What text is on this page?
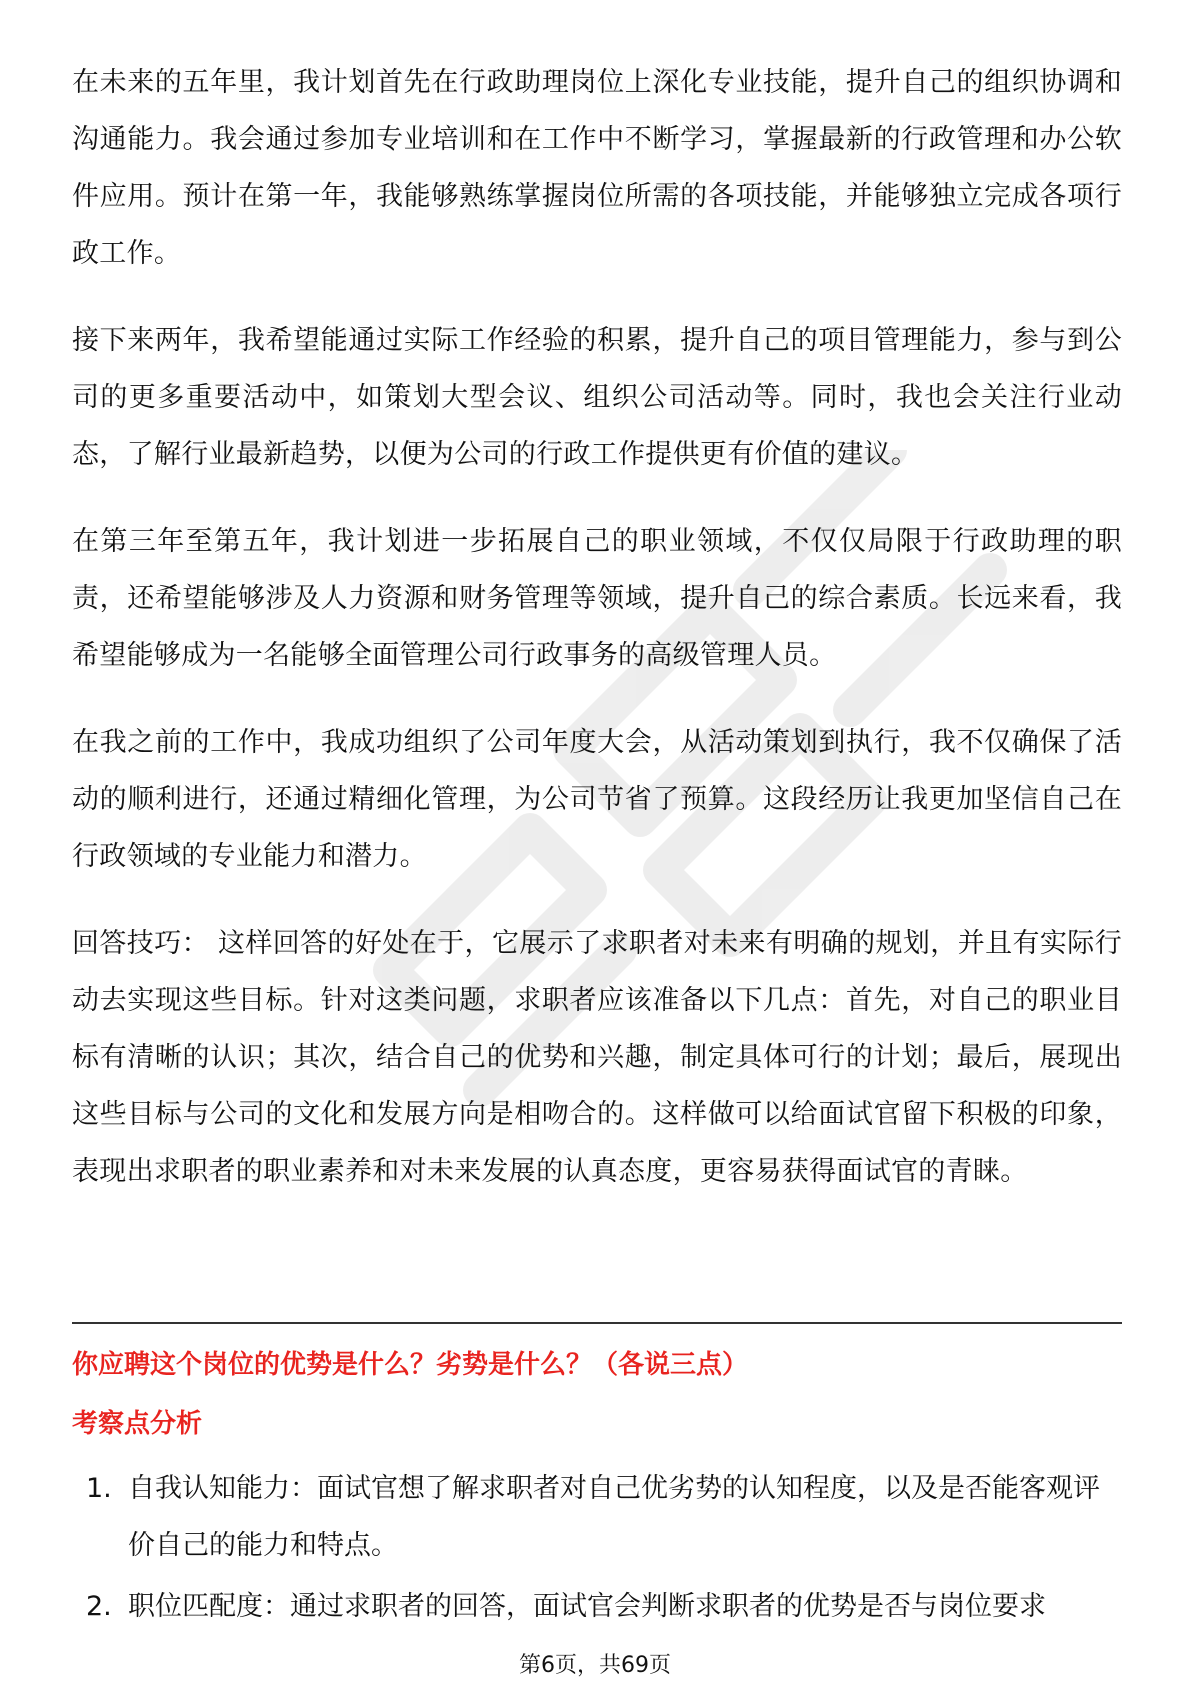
在未来的五年里，我计划首先在行政助理岗位上深化专业技能，提升自己的组织协调和沟通能力。我会通过参加专业培训和在工作中不断学习，掌握最新的行政管理和办公软件应用。预计在第一年，我能够熟练掌握岗位所需的各项技能，并能够独立完成各项行政工作。

接下来两年，我希望能通过实际工作经验的积累，提升自己的项目管理能力，参与到公司的更多重要活动中，如策划大型会议、组织公司活动等。同时，我也会关注行业动态，了解行业最新趋势，以便为公司的行政工作提供更有价值的建议。

在第三年至第五年，我计划进一步拓展自己的职业领域，不仅仅局限于行政助理的职责，还希望能够涉及人力资源和财务管理等领域，提升自己的综合素质。长远来看，我希望能够成为一名能够全面管理公司行政事务的高级管理人员。

在我之前的工作中，我成功组织了公司年度大会，从活动策划到执行，我不仅确保了活动的顺利进行，还通过精细化管理，为公司节省了预算。这段经历让我更加坚信自己在行政领域的专业能力和潜力。

回答技巧： 这样回答的好处在于，它展示了求职者对未来有明确的规划，并且有实际行动去实现这些目标。针对这类问题，求职者应该准备以下几点：首先，对自己的职业目标有清晰的认识；其次，结合自己的优势和兴趣，制定具体可行的计划；最后，展现出这些目标与公司的文化和发展方向是相吻合的。这样做可以给面试官留下积极的印象，表现出求职者的职业素养和对未来发展的认真态度，更容易获得面试官的青睐。

你应聘这个岗位的优势是什么？劣势是什么？（各说三点）
考察点分析
1. 自我认知能力：面试官想了解求职者对自己优劣势的认知程度，以及是否能客观评价自己的能力和特点。
2. 职位匹配度：通过求职者的回答，面试官会判断求职者的优势是否与岗位要求
第6页，共69页
